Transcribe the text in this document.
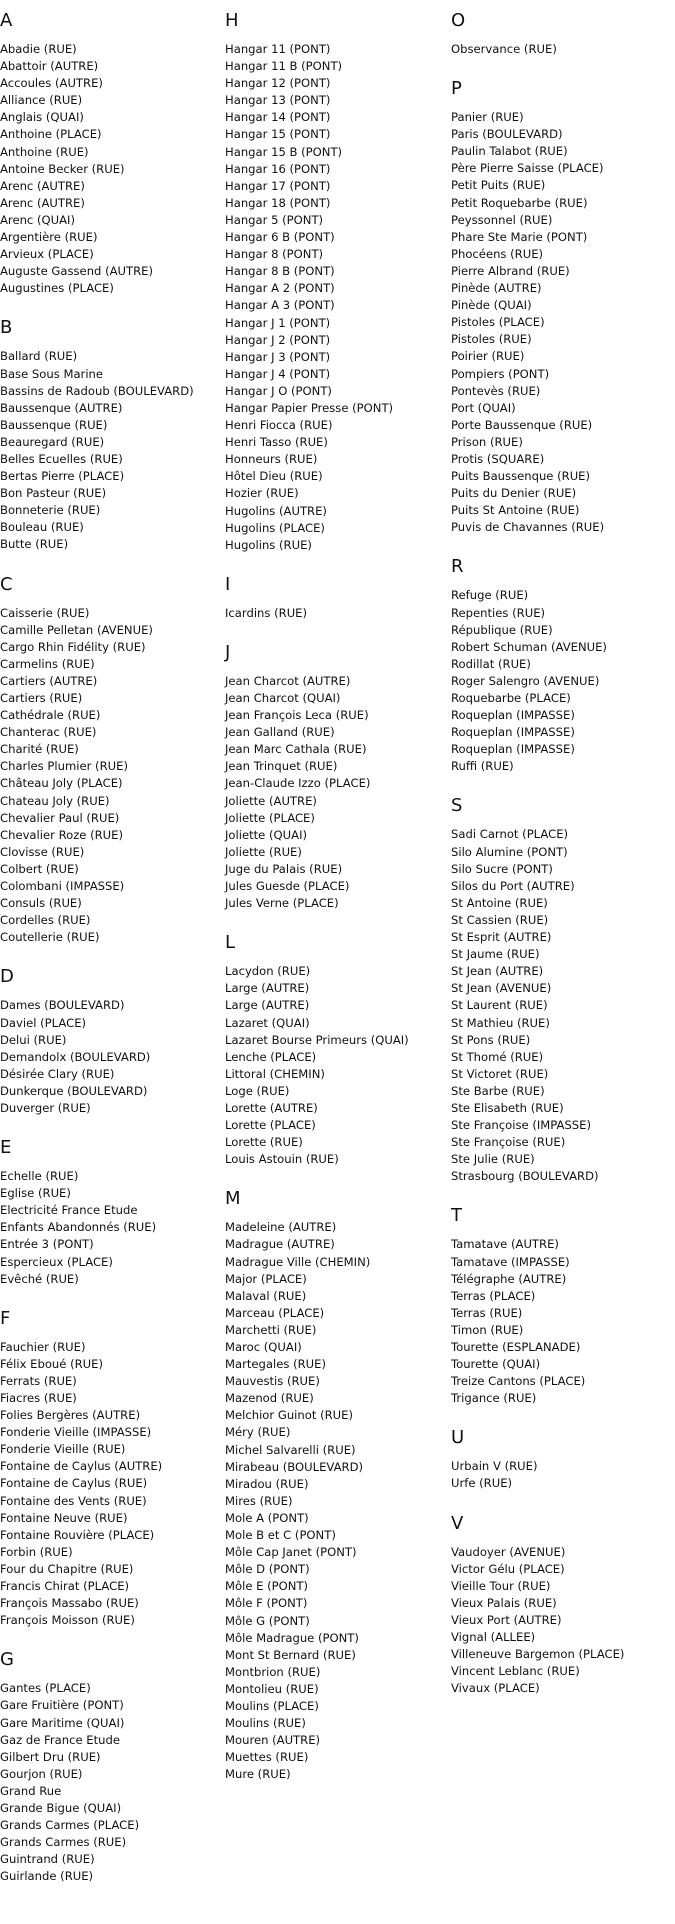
A
Abadie (RUE)
Abattoir (AUTRE)
Accoules (AUTRE)
Alliance (RUE)
Anglais (QUAI)
Anthoine (PLACE)
Anthoine (RUE)
Antoine Becker (RUE)
Arenc (AUTRE)
Arenc (AUTRE)
Arenc (QUAI)
Argentière (RUE)
Arvieux (PLACE)
Auguste Gassend (AUTRE)
Augustines (PLACE)
B
Ballard (RUE)
Base Sous Marine
Bassins de Radoub (BOULEVARD)
Baussenque (AUTRE)
Baussenque (RUE)
Beauregard (RUE)
Belles Ecuelles (RUE)
Bertas Pierre (PLACE)
Bon Pasteur (RUE)
Bonneterie (RUE)
Bouleau (RUE)
Butte (RUE)
C
Caisserie (RUE)
Camille Pelletan (AVENUE)
Cargo Rhin Fidélity (RUE)
Carmelins (RUE)
Cartiers (AUTRE)
Cartiers (RUE)
Cathédrale (RUE)
Chanterac (RUE)
Charité (RUE)
Charles Plumier (RUE)
Château Joly (PLACE)
Chateau Joly (RUE)
Chevalier Paul (RUE)
Chevalier Roze (RUE)
Clovisse (RUE)
Colbert (RUE)
Colombani (IMPASSE)
Consuls (RUE)
Cordelles (RUE)
Coutellerie (RUE)
D
Dames (BOULEVARD)
Daviel (PLACE)
Delui (RUE)
Demandolx (BOULEVARD)
Désirée Clary (RUE)
Dunkerque (BOULEVARD)
Duverger (RUE)
E
Echelle (RUE)
Eglise (RUE)
Electricité France Etude
Enfants Abandonnés (RUE)
Entrée 3 (PONT)
Espercieux (PLACE)
Evêché (RUE)
F
Fauchier (RUE)
Félix Eboué (RUE)
Ferrats (RUE)
Fiacres (RUE)
Folies Bergères (AUTRE)
Fonderie Vieille (IMPASSE)
Fonderie Vieille (RUE)
Fontaine de Caylus (AUTRE)
Fontaine de Caylus (RUE)
Fontaine des Vents (RUE)
Fontaine Neuve (RUE)
Fontaine Rouvière (PLACE)
Forbin (RUE)
Four du Chapitre (RUE)
Francis Chirat (PLACE)
François Massabo (RUE)
François Moisson (RUE)
G
Gantes (PLACE)
Gare Fruitière (PONT)
Gare Maritime (QUAI)
Gaz de France Etude
Gilbert Dru (RUE)
Gourjon (RUE)
Grand Rue
Grande Bigue (QUAI)
Grands Carmes (PLACE)
Grands Carmes (RUE)
Guintrand (RUE)
Guirlande (RUE)
H
Hangar 11 (PONT)
Hangar 11 B (PONT)
Hangar 12 (PONT)
Hangar 13 (PONT)
Hangar 14 (PONT)
Hangar 15 (PONT)
Hangar 15 B (PONT)
Hangar 16 (PONT)
Hangar 17 (PONT)
Hangar 18 (PONT)
Hangar 5 (PONT)
Hangar 6 B (PONT)
Hangar 8 (PONT)
Hangar 8 B (PONT)
Hangar A 2 (PONT)
Hangar A 3 (PONT)
Hangar J 1 (PONT)
Hangar J 2 (PONT)
Hangar J 3 (PONT)
Hangar J 4 (PONT)
Hangar J O (PONT)
Hangar Papier Presse (PONT)
Henri Fiocca (RUE)
Henri Tasso (RUE)
Honneurs (RUE)
Hôtel Dieu (RUE)
Hozier (RUE)
Hugolins (AUTRE)
Hugolins (PLACE)
Hugolins (RUE)
I
Icardins (RUE)
J
Jean Charcot (AUTRE)
Jean Charcot (QUAI)
Jean François Leca (RUE)
Jean Galland (RUE)
Jean Marc Cathala (RUE)
Jean Trinquet (RUE)
Jean-Claude Izzo (PLACE)
Joliette (AUTRE)
Joliette (PLACE)
Joliette (QUAI)
Joliette (RUE)
Juge du Palais (RUE)
Jules Guesde (PLACE)
Jules Verne (PLACE)
L
Lacydon (RUE)
Large (AUTRE)
Large (AUTRE)
Lazaret (QUAI)
Lazaret Bourse Primeurs (QUAI)
Lenche (PLACE)
Littoral (CHEMIN)
Loge (RUE)
Lorette (AUTRE)
Lorette (PLACE)
Lorette (RUE)
Louis Astouin (RUE)
M
Madeleine (AUTRE)
Madrague (AUTRE)
Madrague Ville (CHEMIN)
Major (PLACE)
Malaval (RUE)
Marceau (PLACE)
Marchetti (RUE)
Maroc (QUAI)
Martegales (RUE)
Mauvestis (RUE)
Mazenod (RUE)
Melchior Guinot (RUE)
Méry (RUE)
Michel Salvarelli (RUE)
Mirabeau (BOULEVARD)
Miradou (RUE)
Mires (RUE)
Mole A (PONT)
Mole B et C (PONT)
Môle Cap Janet (PONT)
Môle D (PONT)
Môle E (PONT)
Môle F (PONT)
Môle G (PONT)
Môle Madrague (PONT)
Mont St Bernard (RUE)
Montbrion (RUE)
Montolieu (RUE)
Moulins (PLACE)
Moulins (RUE)
Mouren (AUTRE)
Muettes (RUE)
Mure (RUE)
O
Observance (RUE)
P
Panier (RUE)
Paris (BOULEVARD)
Paulin Talabot (RUE)
Père Pierre Saisse (PLACE)
Petit Puits (RUE)
Petit Roquebarbe (RUE)
Peyssonnel (RUE)
Phare Ste Marie (PONT)
Phocéens (RUE)
Pierre Albrand (RUE)
Pinède (AUTRE)
Pinède (QUAI)
Pistoles (PLACE)
Pistoles (RUE)
Poirier (RUE)
Pompiers (PONT)
Pontevès (RUE)
Port (QUAI)
Porte Baussenque (RUE)
Prison (RUE)
Protis (SQUARE)
Puits Baussenque (RUE)
Puits du Denier (RUE)
Puits St Antoine (RUE)
Puvis de Chavannes (RUE)
R
Refuge (RUE)
Repenties (RUE)
République (RUE)
Robert Schuman (AVENUE)
Rodillat (RUE)
Roger Salengro (AVENUE)
Roquebarbe (PLACE)
Roqueplan (IMPASSE)
Roqueplan (IMPASSE)
Roqueplan (IMPASSE)
Ruffi (RUE)
S
Sadi Carnot (PLACE)
Silo Alumine (PONT)
Silo Sucre (PONT)
Silos du Port (AUTRE)
St Antoine (RUE)
St Cassien (RUE)
St Esprit (AUTRE)
St Jaume (RUE)
St Jean (AUTRE)
St Jean (AVENUE)
St Laurent (RUE)
St Mathieu (RUE)
St Pons (RUE)
St Thomé (RUE)
St Victoret (RUE)
Ste Barbe (RUE)
Ste Elisabeth (RUE)
Ste Françoise (IMPASSE)
Ste Françoise (RUE)
Ste Julie (RUE)
Strasbourg (BOULEVARD)
T
Tamatave (AUTRE)
Tamatave (IMPASSE)
Télégraphe (AUTRE)
Terras (PLACE)
Terras (RUE)
Timon (RUE)
Tourette (ESPLANADE)
Tourette (QUAI)
Treize Cantons (PLACE)
Trigance (RUE)
U
Urbain V (RUE)
Urfe (RUE)
V
Vaudoyer (AVENUE)
Victor Gélu (PLACE)
Vieille Tour (RUE)
Vieux Palais (RUE)
Vieux Port (AUTRE)
Vignal (ALLEE)
Villeneuve Bargemon (PLACE)
Vincent Leblanc (RUE)
Vivaux (PLACE)
